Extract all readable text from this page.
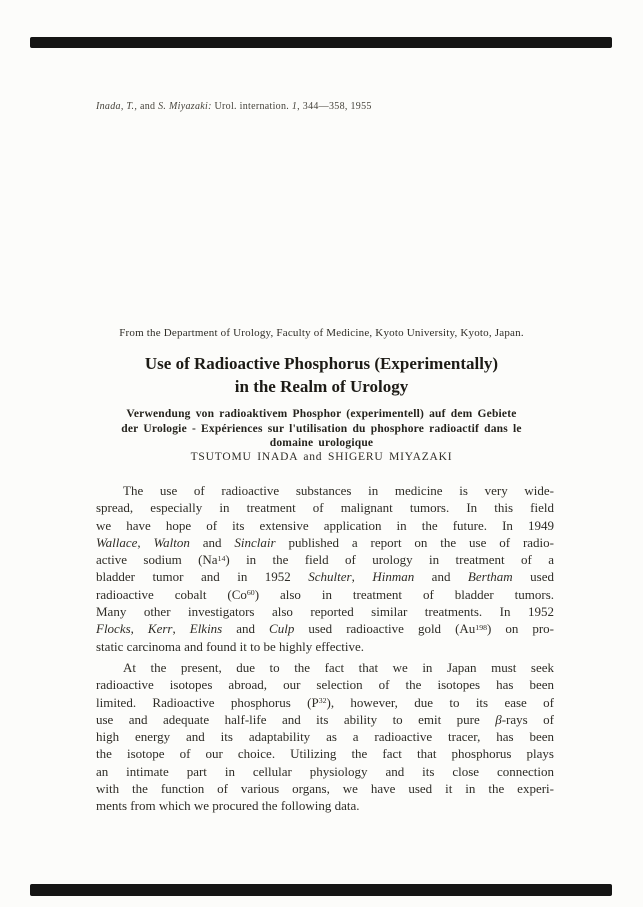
Inada, T., and S. Miyazaki: Urol. internation. 1, 344—358, 1955
From the Department of Urology, Faculty of Medicine, Kyoto University, Kyoto, Japan.
Use of Radioactive Phosphorus (Experimentally)
in the Realm of Urology
Verwendung von radioaktivem Phosphor (experimentell) auf dem Gebiete
der Urologie - Expériences sur l'utilisation du phosphore radioactif dans le
domaine urologique
TSUTOMU INADA and SHIGERU MIYAZAKI
The use of radioactive substances in medicine is very wide-
spread, especially in treatment of malignant tumors. In this field
we have hope of its extensive application in the future. In 1949
Wallace, Walton and Sinclair published a report on the use of radio-
active sodium (Na$^{14}$) in the field of urology in treatment of a
bladder tumor and in 1952 Schulter, Hinman and Bertham used
radioactive cobalt (Co$^{60}$) also in treatment of bladder tumors.
Many other investigators also reported similar treatments. In 1952
Flocks, Kerr, Elkins and Culp used radioactive gold (Au$^{198}$) on pro-
static carcinoma and found it to be highly effective.
At the present, due to the fact that we in Japan must seek
radioactive isotopes abroad, our selection of the isotopes has been
limited. Radioactive phosphorus $(P^{32})$, however, due to its ease of
use and adequate half-life and its ability to emit pure β-rays of
high energy and its adaptability as a radioactive tracer, has been
the isotope of our choice. Utilizing the fact that phosphorus plays
an intimate part in cellular physiology and its close connection
with the function of various organs, we have used it in the experi-
ments from which we procured the following data.
